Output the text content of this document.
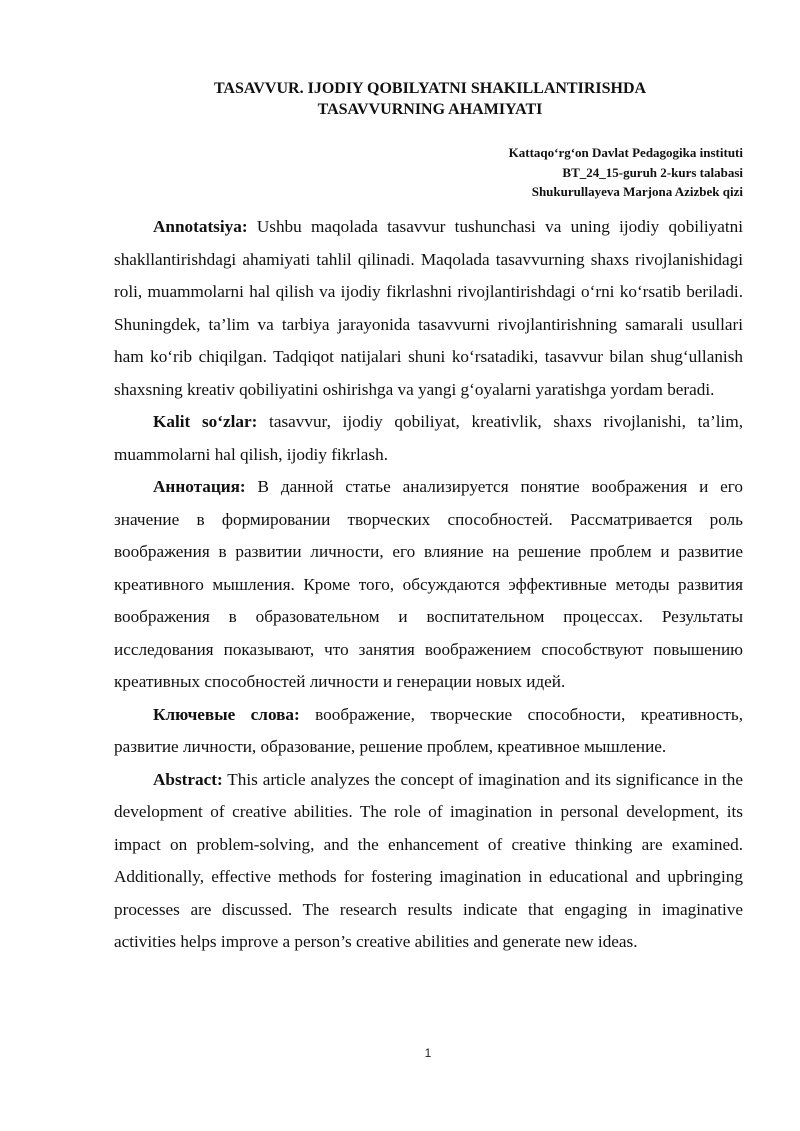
TASAVVUR. IJODIY QOBILYATNI SHAKILLANTIRISHDA
TASAVVURNING AHAMIYATI
Kattaqo‘rg‘on Davlat Pedagogika instituti
BT_24_15-guruh 2-kurs talabasi
Shukurullayeva Marjona Azizbek qizi

Annotatsiya: Ushbu maqolada tasavvur tushunchasi va uning ijodiy qobiliyatni shakllantirishdagi ahamiyati tahlil qilinadi. Maqolada tasavvurning shaxs rivojlanishidagi roli, muammolarni hal qilish va ijodiy fikrlashni rivojlantirishdagi o‘rni ko‘rsatib beriladi. Shuningdek, ta’lim va tarbiya jarayonida tasavvurni rivojlantirishning samarali usullari ham ko‘rib chiqilgan. Tadqiqot natijalari shuni ko‘rsatadiki, tasavvur bilan shug‘ullanish shaxsning kreativ qobiliyatini oshirishga va yangi g‘oyalarni yaratishga yordam beradi.

Kalit so‘zlar: tasavvur, ijodiy qobiliyat, kreativlik, shaxs rivojlanishi, ta’lim, muammolarni hal qilish, ijodiy fikrlash.

Аннотация: В данной статье анализируется понятие воображения и его значение в формировании творческих способностей. Рассматривается роль воображения в развитии личности, его влияние на решение проблем и развитие креативного мышления. Кроме того, обсуждаются эффективные методы развития воображения в образовательном и воспитательном процессах. Результаты исследования показывают, что занятия воображением способствуют повышению креативных способностей личности и генерации новых идей.

Ключевые слова: воображение, творческие способности, креативность, развитие личности, образование, решение проблем, креативное мышление.

Abstract: This article analyzes the concept of imagination and its significance in the development of creative abilities. The role of imagination in personal development, its impact on problem-solving, and the enhancement of creative thinking are examined. Additionally, effective methods for fostering imagination in educational and upbringing processes are discussed. The research results indicate that engaging in imaginative activities helps improve a person’s creative abilities and generate new ideas.

1
